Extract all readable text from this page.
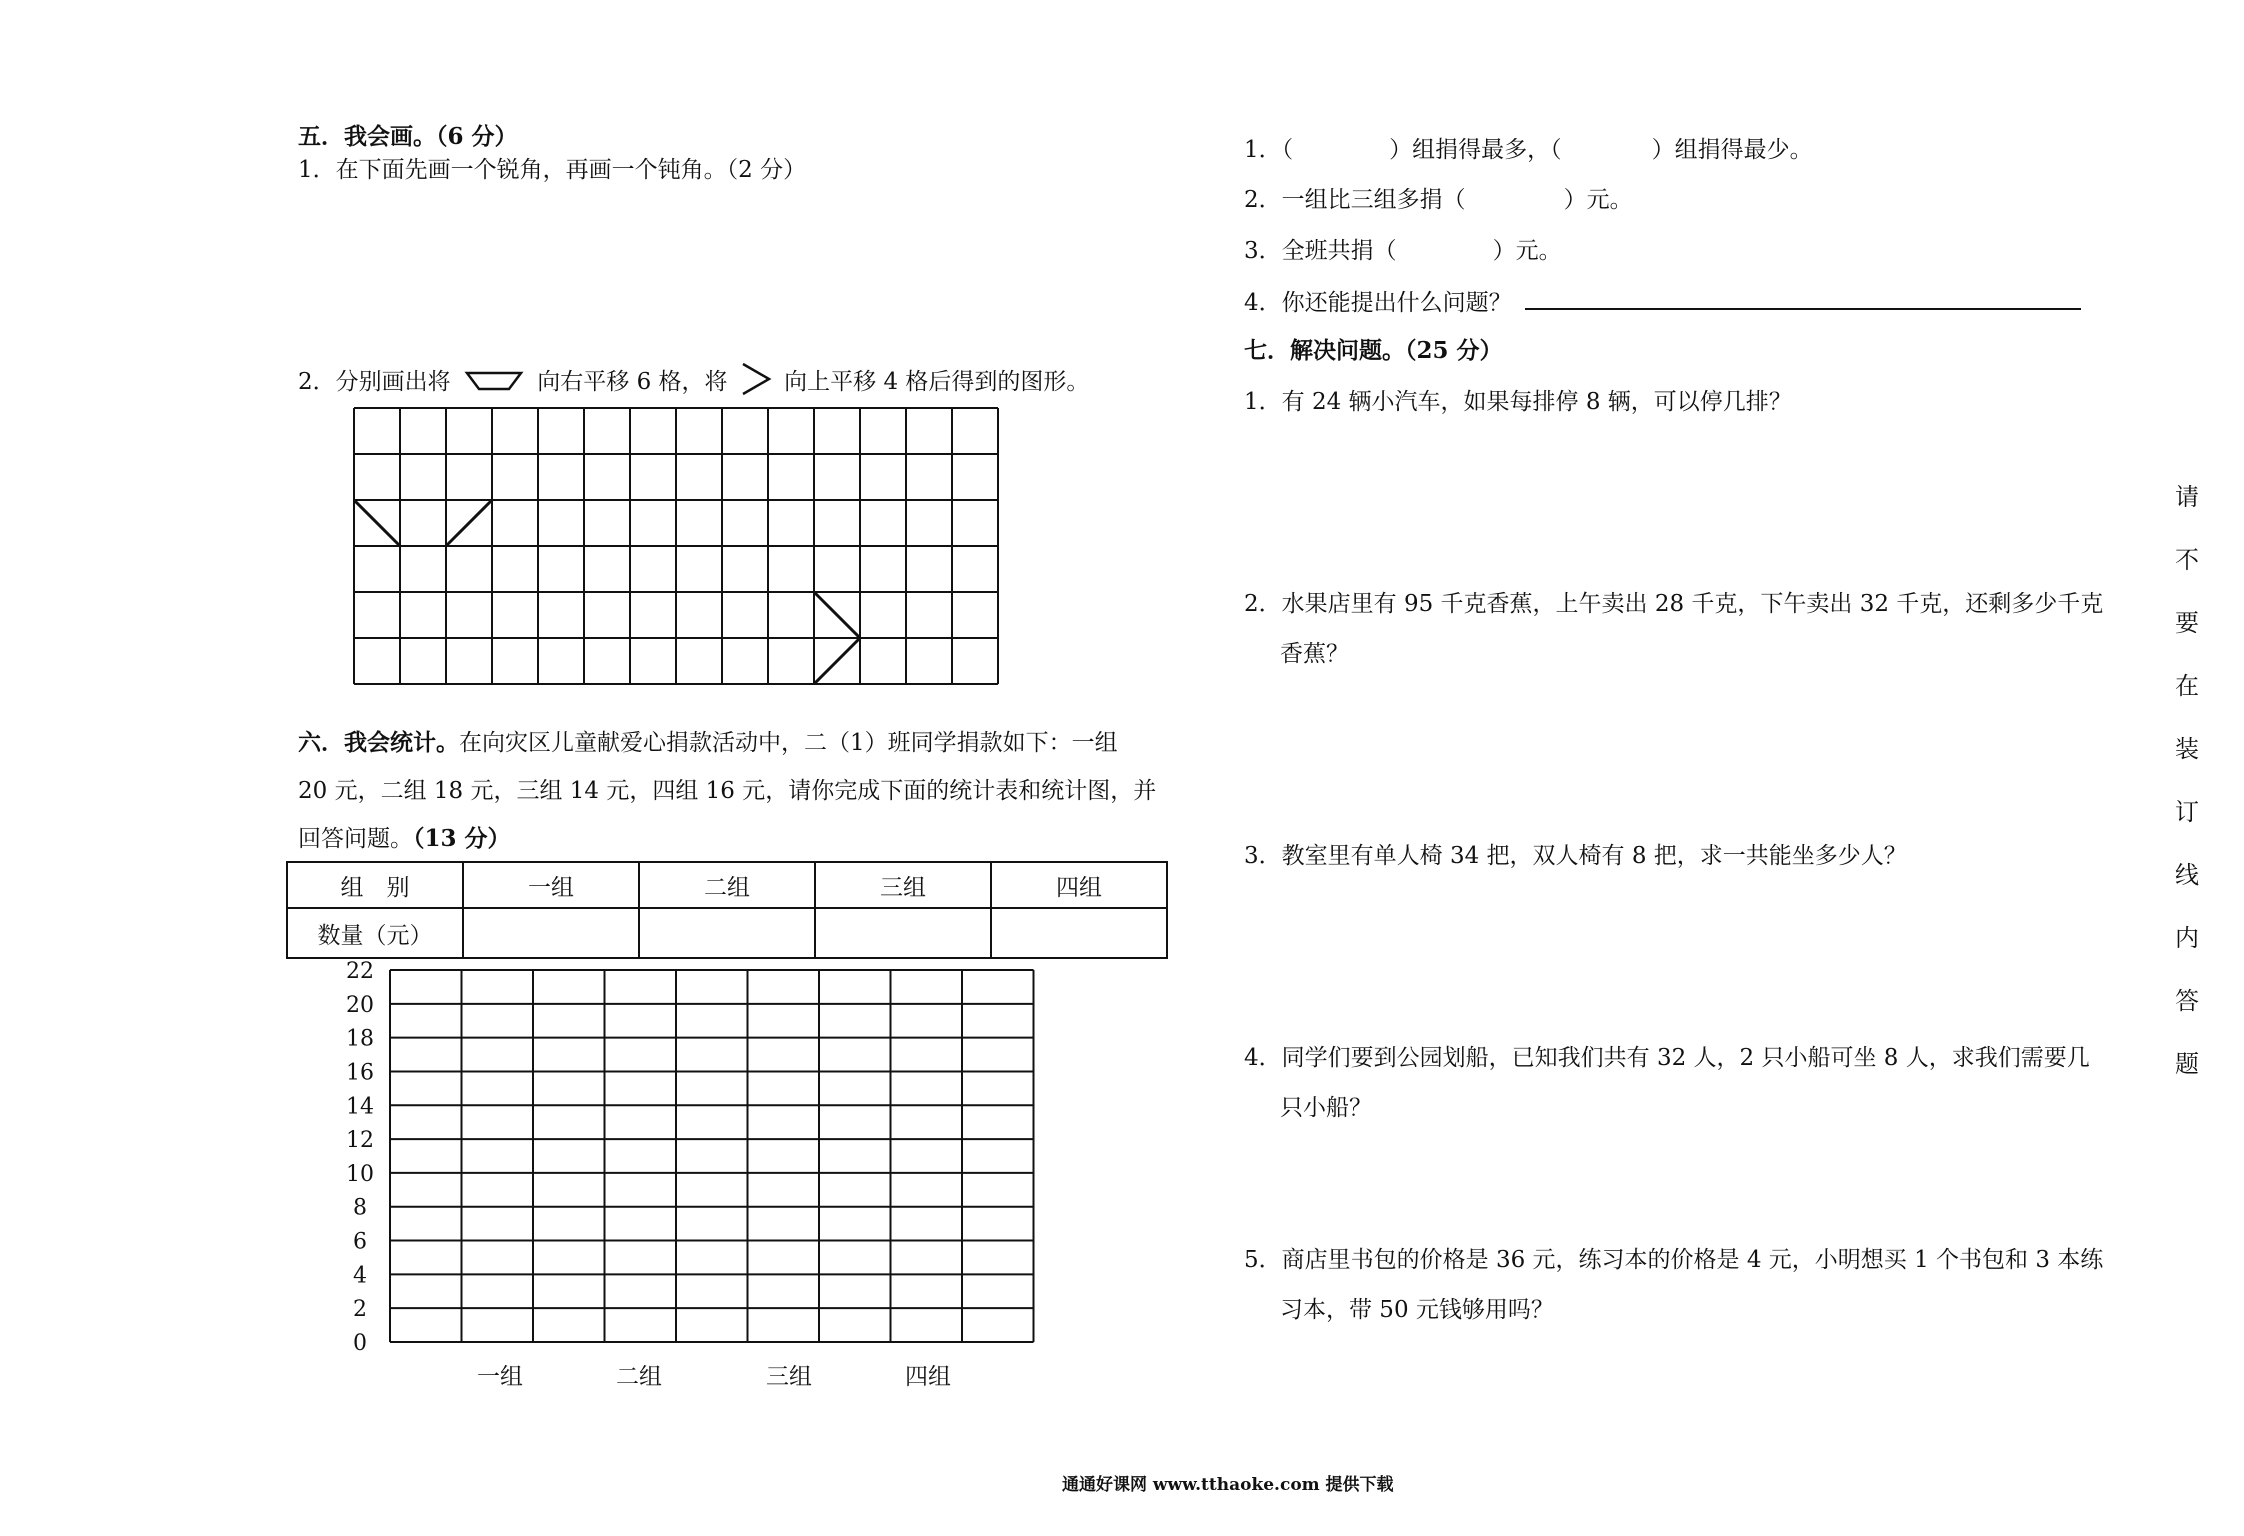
五．我会画。（6 分）
1．在下面先画一个锐角，再画一个钝角。（2 分）
2．分别画出将	向右平移 6 格，将 向上平移 4 格后得到的图形。
六．我会统计。在向灾区儿童献爱心捐款活动中，二（1）班同学捐款如下：一组
20 元，二组 18 元，三组 14 元，四组 16 元，请你完成下面的统计表和统计图，并
回答问题。（13 分）
组　别	一组	二组	三组	四组
数量（元）				
0
2
4
6
8
10
12
14
16
18
20
22
一组	二组	三组	四组
1．（	）组捐得最多，（	）组捐得最少。
2．一组比三组多捐（	）元。
3．全班共捐（	）元。
4．你还能提出什么问题？
七．解决问题。（25 分）
1．有 24 辆小汽车，如果每排停 8 辆，可以停几排？
2．水果店里有 95 千克香蕉，上午卖出 28 千克，下午卖出 32 千克，还剩多少千克
香蕉？
3．教室里有单人椅 34 把，双人椅有 8 把，求一共能坐多少人？
4．同学们要到公园划船，已知我们共有 32 人，2 只小船可坐 8 人，求我们需要几
只小船？
5．商店里书包的价格是 36 元，练习本的价格是 4 元，小明想买 1 个书包和 3 本练
习本，带 50 元钱够用吗？
请
不
要
在
装
订
线
内
答
题
通通好课网 www.tthaoke.com 提供下载
